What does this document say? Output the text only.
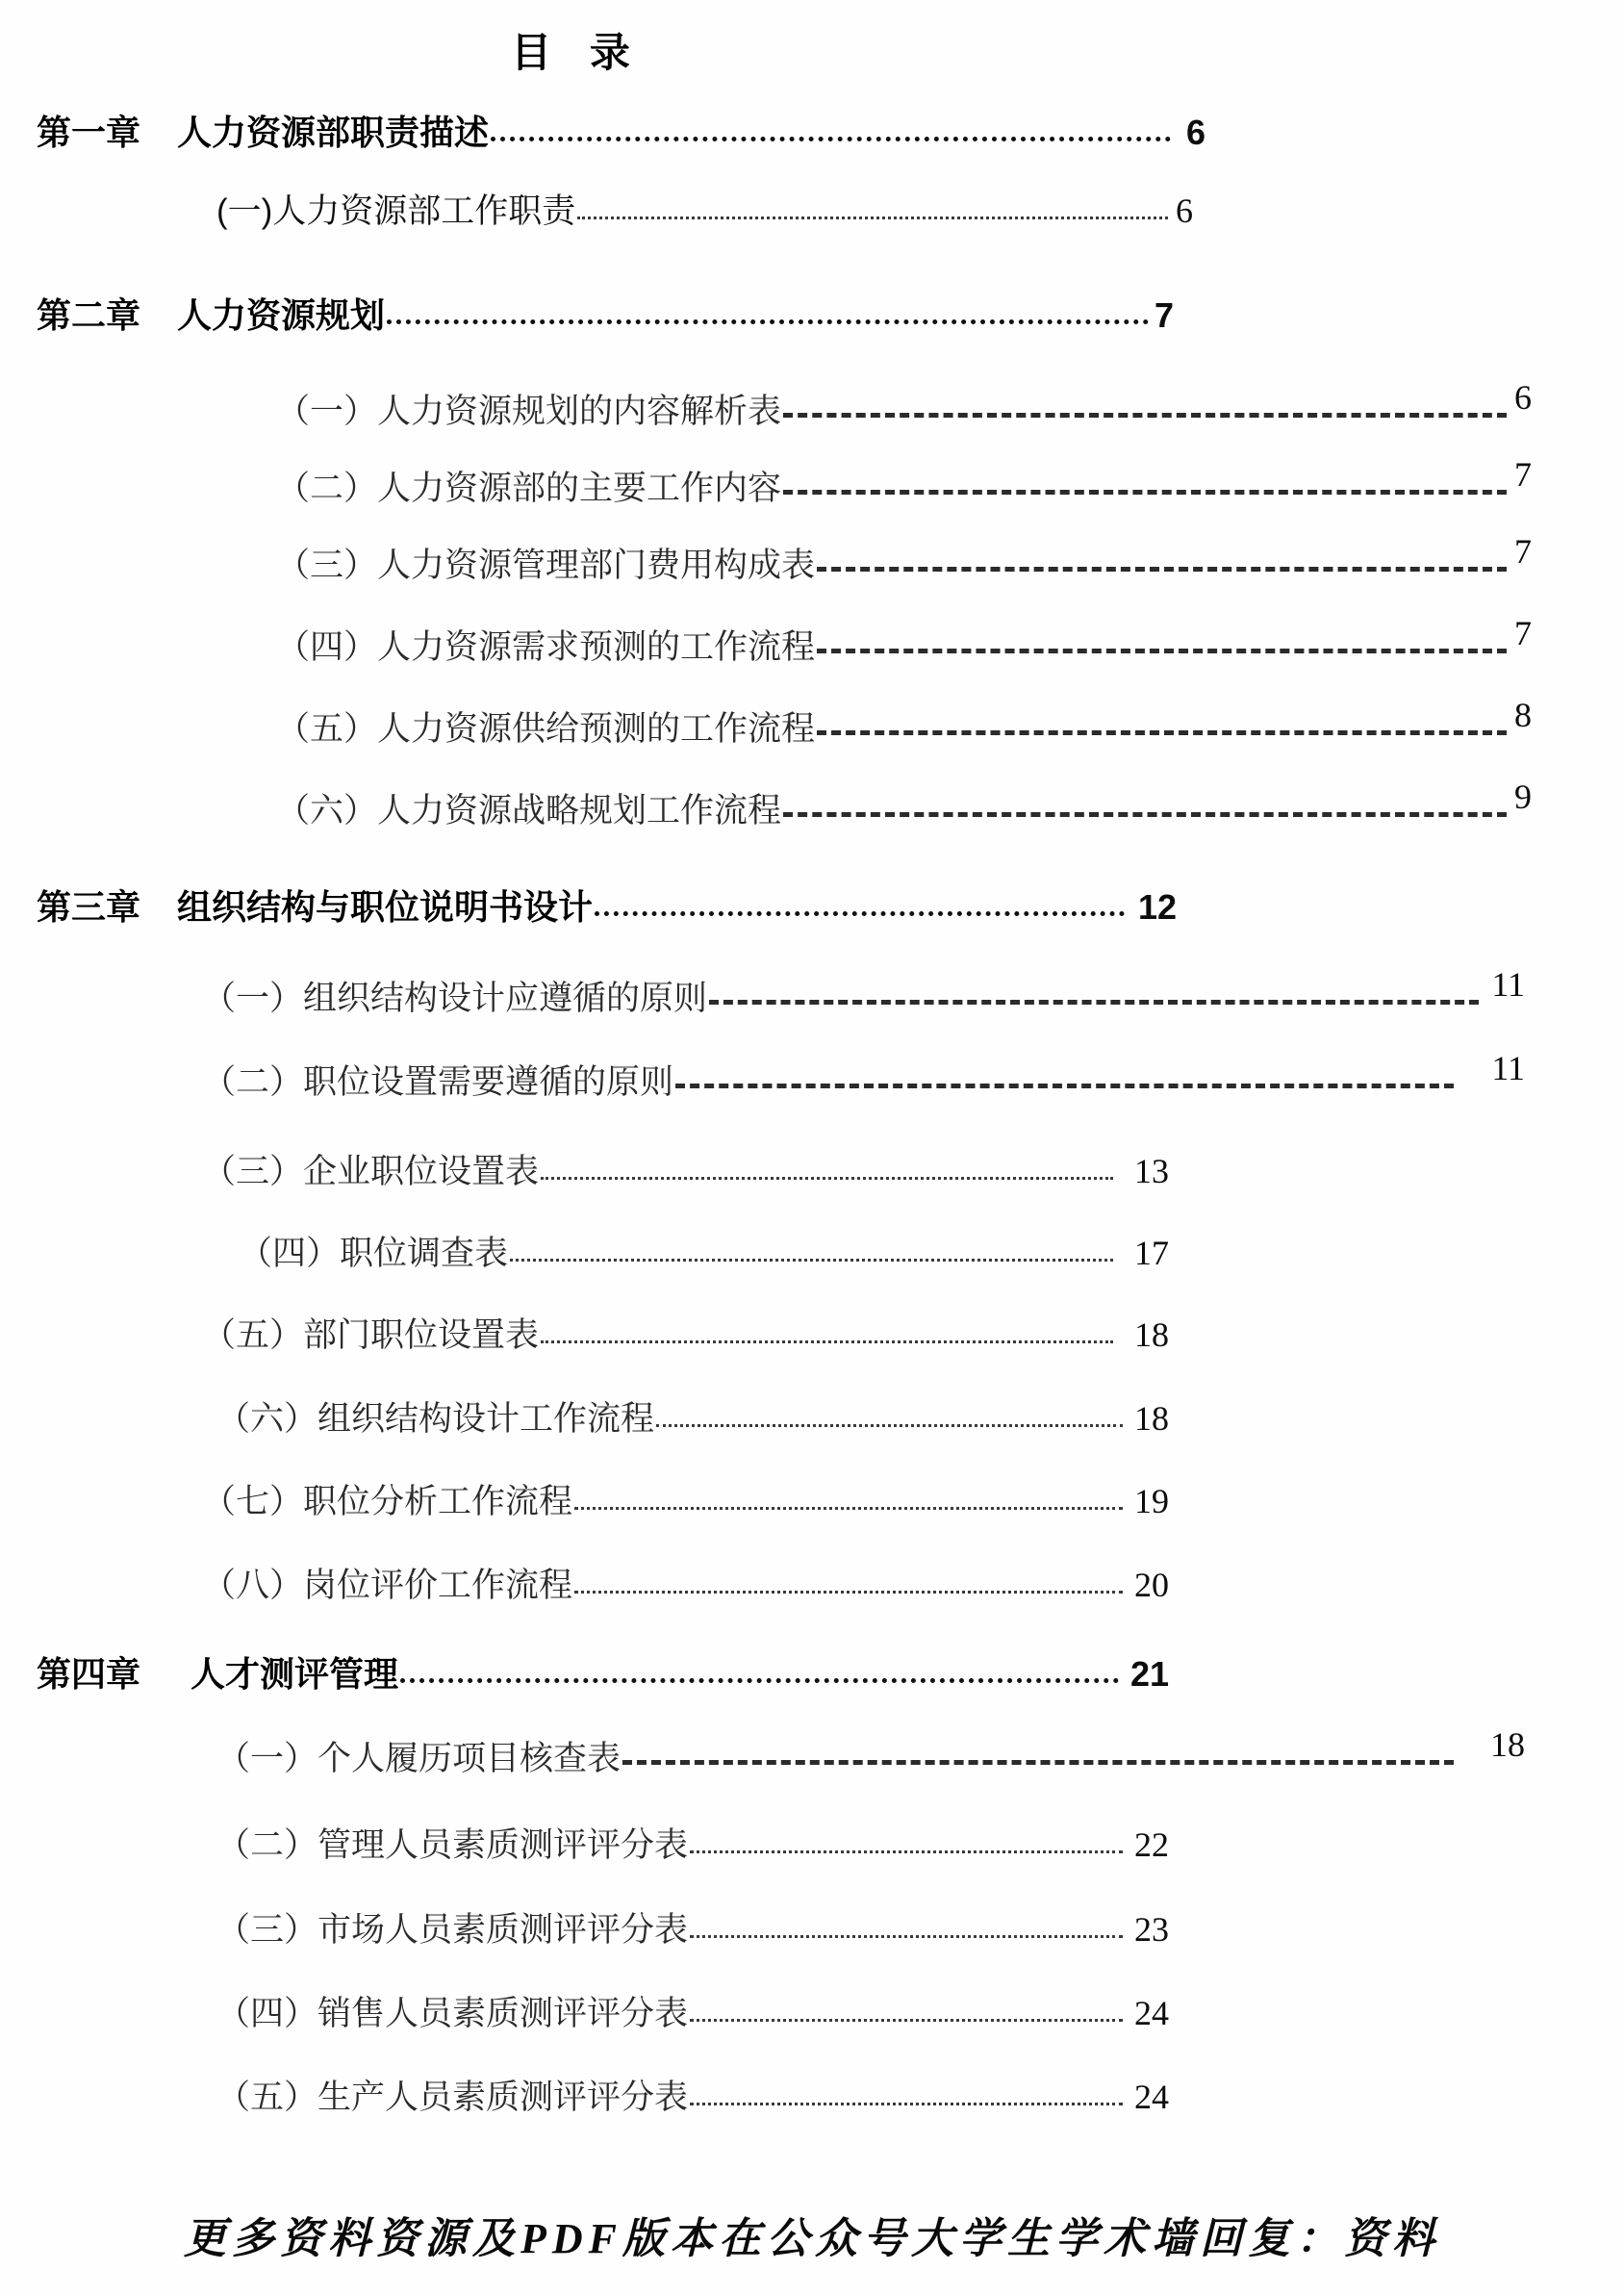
目 录
第一章 人力资源部职责描述	6
(一)人力资源部工作职责	6
第二章 人力资源规划	7
（一）人力资源规划的内容解析表	6
（二）人力资源部的主要工作内容	7
（三）人力资源管理部门费用构成表	7
（四）人力资源需求预测的工作流程	7
（五）人力资源供给预测的工作流程	8
（六）人力资源战略规划工作流程	9
第三章 组织结构与职位说明书设计	12
（一）组织结构设计应遵循的原则	11
（二）职位设置需要遵循的原则	11
（三）企业职位设置表	13
（四）职位调查表	17
（五）部门职位设置表	18
（六）组织结构设计工作流程	18
（七）职位分析工作流程	19
（八）岗位评价工作流程	20
第四章 人才测评管理	21
（一）个人履历项目核查表	18
（二）管理人员素质测评评分表	22
（三）市场人员素质测评评分表	23
（四）销售人员素质测评评分表	24
（五）生产人员素质测评评分表	24
更多资料资源及PDF版本在公众号大学生学术墙回复：资料
